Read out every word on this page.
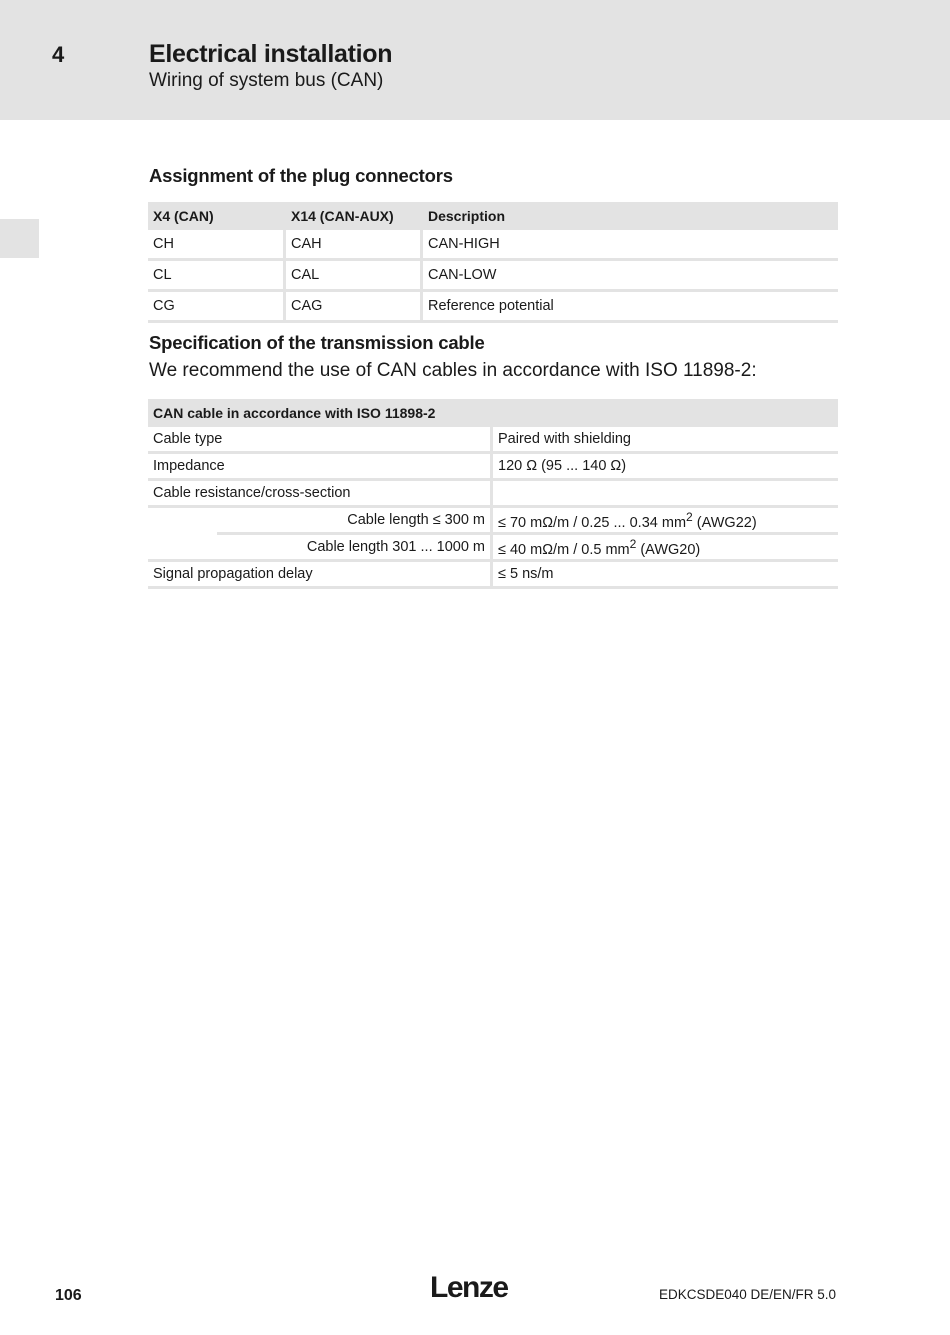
4	Electrical installation
Wiring of system bus (CAN)
Assignment of the plug connectors
X4 (CAN)	X14 (CAN-AUX)	Description
CH	CAH	CAN-HIGH
CL	CAL	CAN-LOW
CG	CAG	Reference potential
Specification of the transmission cable
We recommend the use of CAN cables in accordance with ISO 11898-2:
CAN cable in accordance with ISO 11898-2		
Cable type		Paired with shielding
Impedance		120 Ω (95 ... 140 Ω)
Cable resistance/cross-section		
	Cable length ≤ 300 m	≤ 70 mΩ/m / 0.25 ... 0.34 $mm^2$ (AWG22)
	Cable length 301 ... 1000 m	≤ 40 mΩ/m / 0.5 $mm^2$ (AWG20)
Signal propagation delay		≤ 5 ns/m
106	Lenze	EDKCSDE040 DE/EN/FR 5.0
